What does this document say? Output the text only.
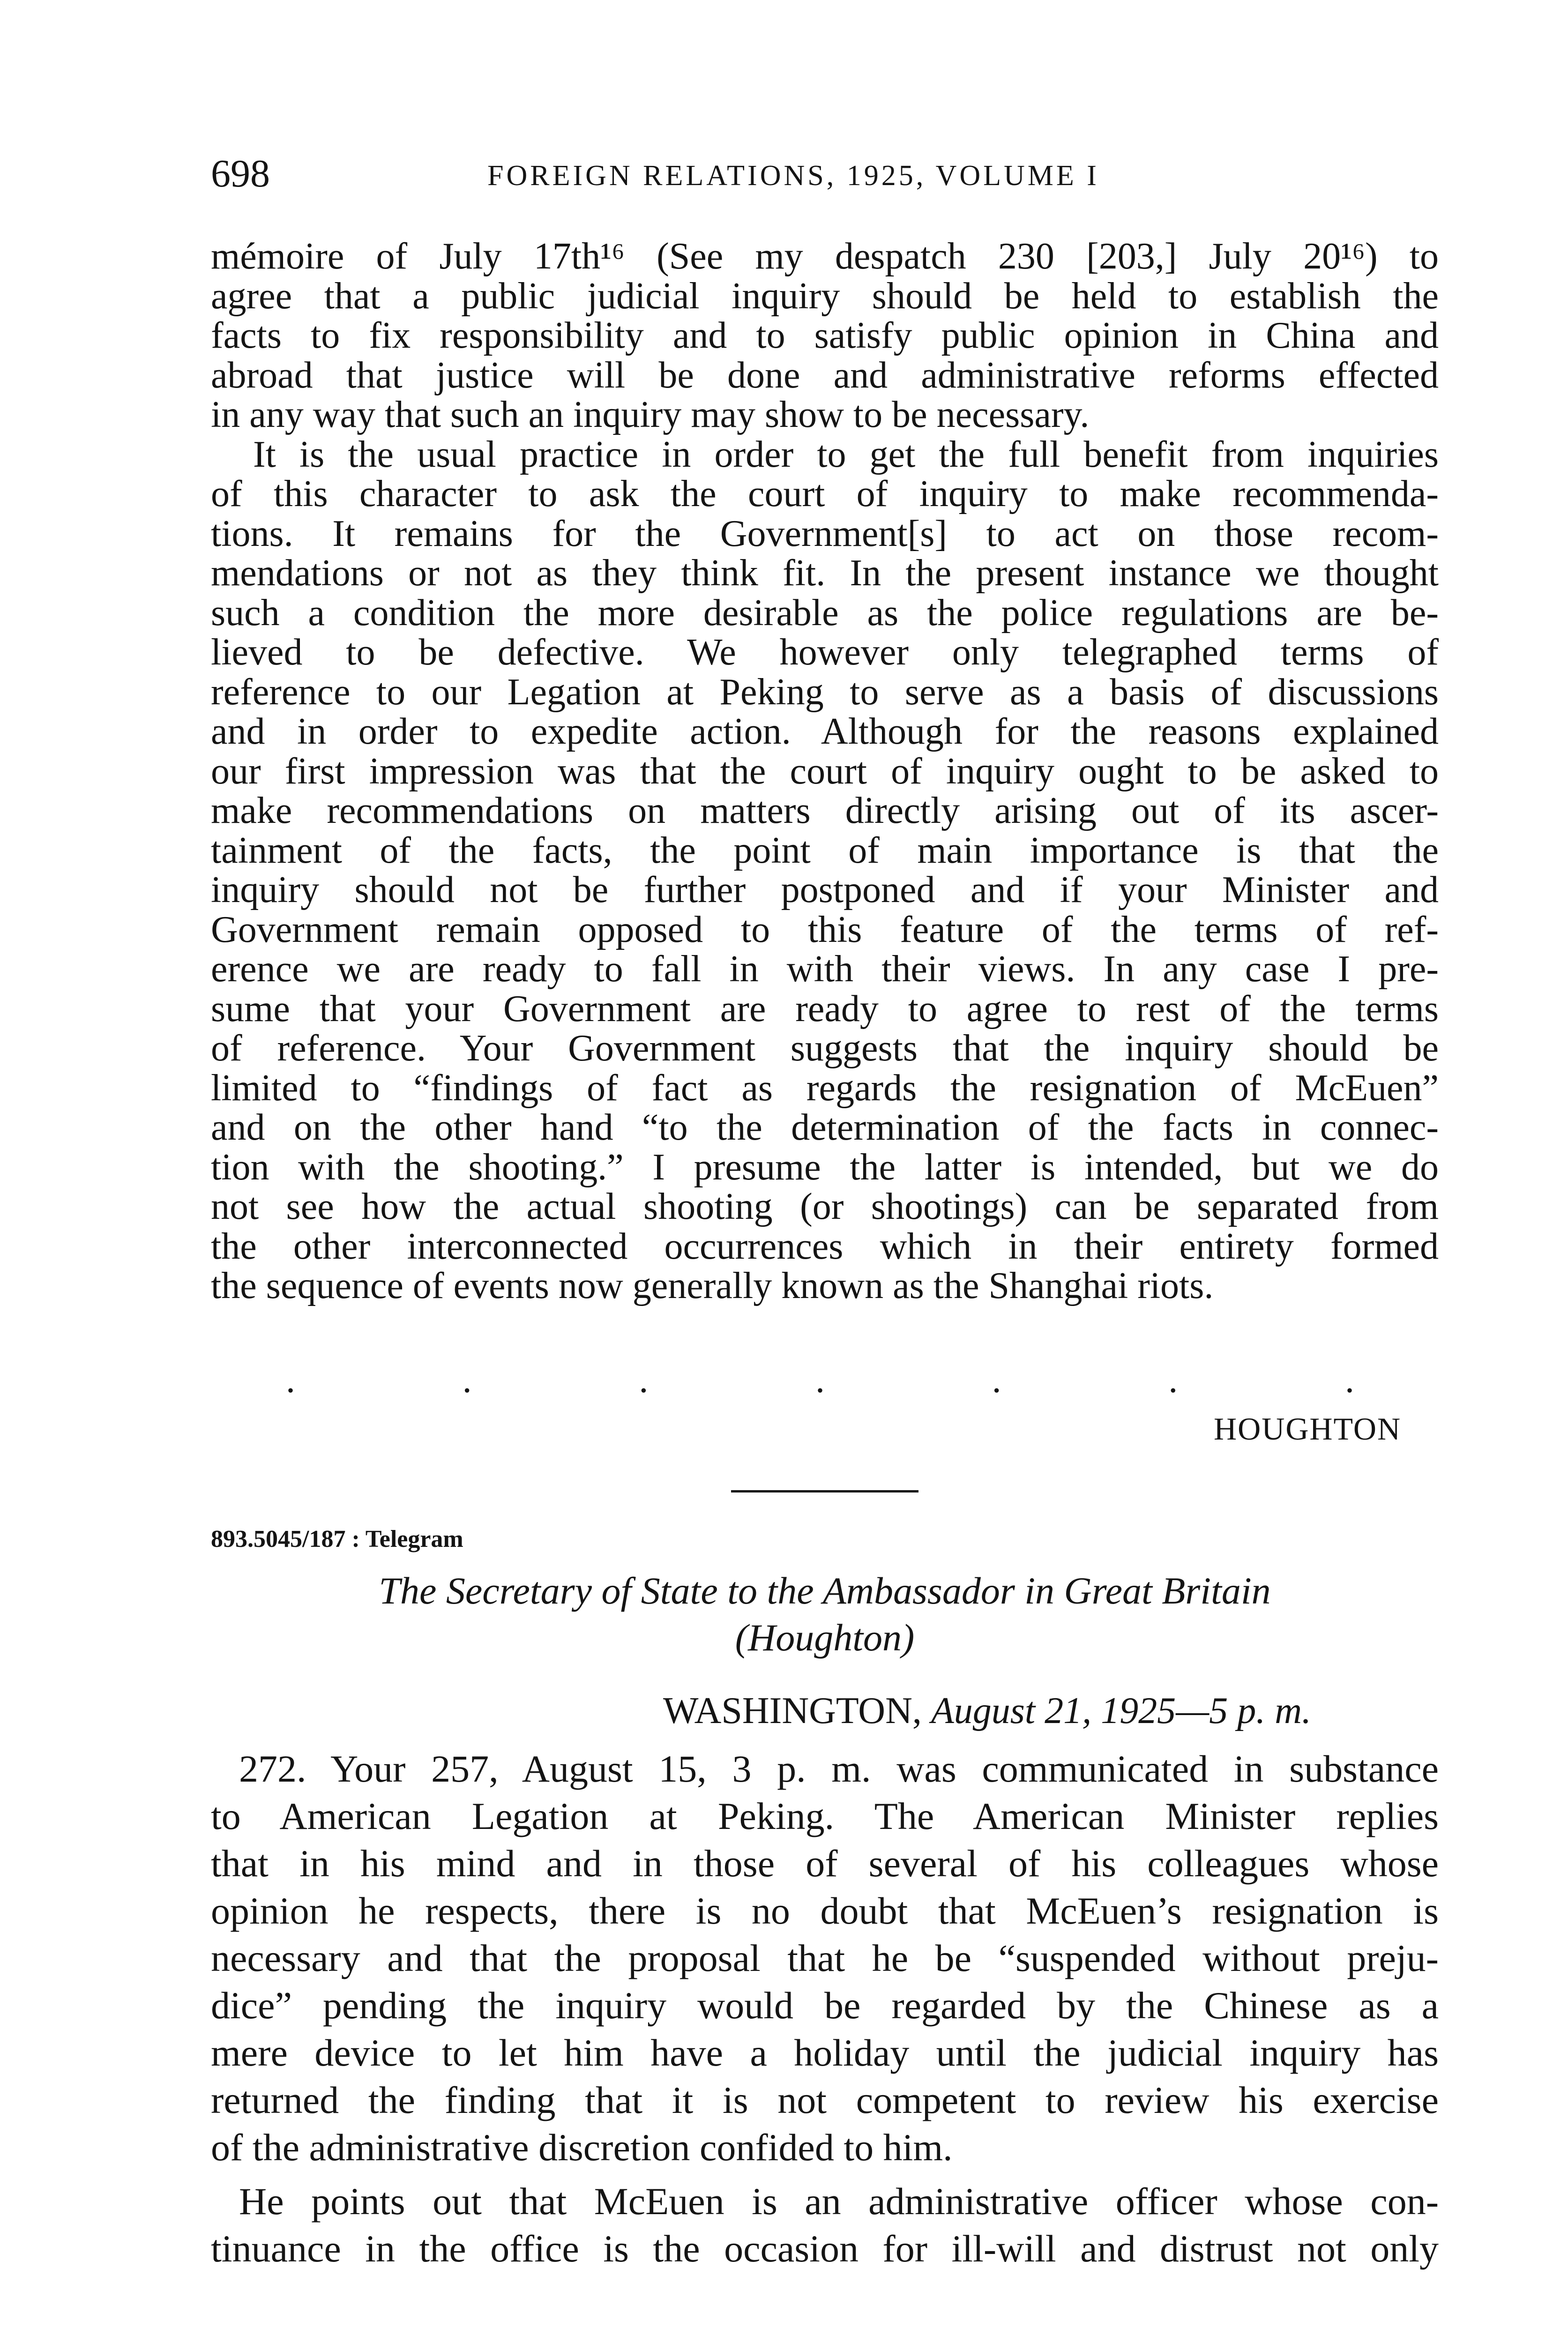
698	FOREIGN RELATIONS, 1925, VOLUME I
mémoire of July 17th¹⁶ (See my despatch 230 [203,] July 20¹⁶) to
agree that a public judicial inquiry should be held to establish the
facts to fix responsibility and to satisfy public opinion in China and
abroad that justice will be done and administrative reforms effected
in any way that such an inquiry may show to be necessary.
It is the usual practice in order to get the full benefit from inquiries
of this character to ask the court of inquiry to make recommenda-
tions. It remains for the Government[s] to act on those recom-
mendations or not as they think fit. In the present instance we thought
such a condition the more desirable as the police regulations are be-
lieved to be defective. We however only telegraphed terms of
reference to our Legation at Peking to serve as a basis of discussions
and in order to expedite action. Although for the reasons explained
our first impression was that the court of inquiry ought to be asked to
make recommendations on matters directly arising out of its ascer-
tainment of the facts, the point of main importance is that the
inquiry should not be further postponed and if your Minister and
Government remain opposed to this feature of the terms of ref-
erence we are ready to fall in with their views. In any case I pre-
sume that your Government are ready to agree to rest of the terms
of reference. Your Government suggests that the inquiry should be
limited to “findings of fact as regards the resignation of McEuen”
and on the other hand “to the determination of the facts in connec-
tion with the shooting.” I presume the latter is intended, but we do
not see how the actual shooting (or shootings) can be separated from
the other interconnected occurrences which in their entirety formed
the sequence of events now generally known as the Shanghai riots.
.	.	.	.	.	.	.
HOUGHTON
893.5045/187 : Telegram
The Secretary of State to the Ambassador in Great Britain
(Houghton)
WASHINGTON, August 21, 1925—5 p. m.
272. Your 257, August 15, 3 p. m. was communicated in substance
to American Legation at Peking. The American Minister replies
that in his mind and in those of several of his colleagues whose
opinion he respects, there is no doubt that McEuen’s resignation is
necessary and that the proposal that he be “suspended without preju-
dice” pending the inquiry would be regarded by the Chinese as a
mere device to let him have a holiday until the judicial inquiry has
returned the finding that it is not competent to review his exercise
of the administrative discretion confided to him.
He points out that McEuen is an administrative officer whose con-
tinuance in the office is the occasion for ill-will and distrust not only
